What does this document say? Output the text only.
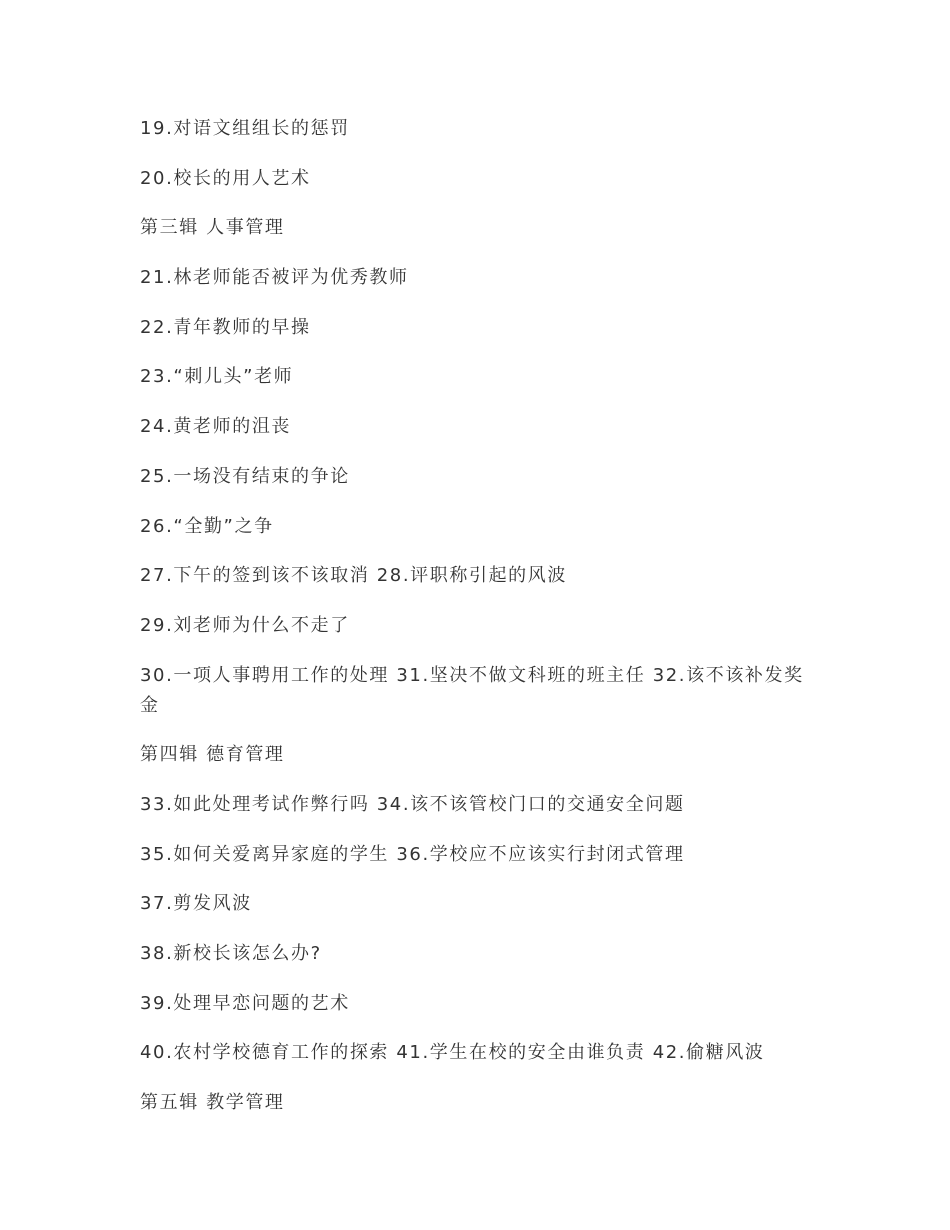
19.对语文组组长的惩罚
20.校长的用人艺术
第三辑 人事管理
21.林老师能否被评为优秀教师
22.青年教师的早操
23.“刺儿头”老师
24.黄老师的沮丧
25.一场没有结束的争论
26.“全勤”之争
27.下午的签到该不该取消 28.评职称引起的风波
29.刘老师为什么不走了
30.一项人事聘用工作的处理 31.坚决不做文科班的班主任 32.该不该补发奖金
第四辑 德育管理
33.如此处理考试作弊行吗 34.该不该管校门口的交通安全问题
35.如何关爱离异家庭的学生 36.学校应不应该实行封闭式管理
37.剪发风波
38.新校长该怎么办?
39.处理早恋问题的艺术
40.农村学校德育工作的探索 41.学生在校的安全由谁负责 42.偷糖风波
第五辑 教学管理
